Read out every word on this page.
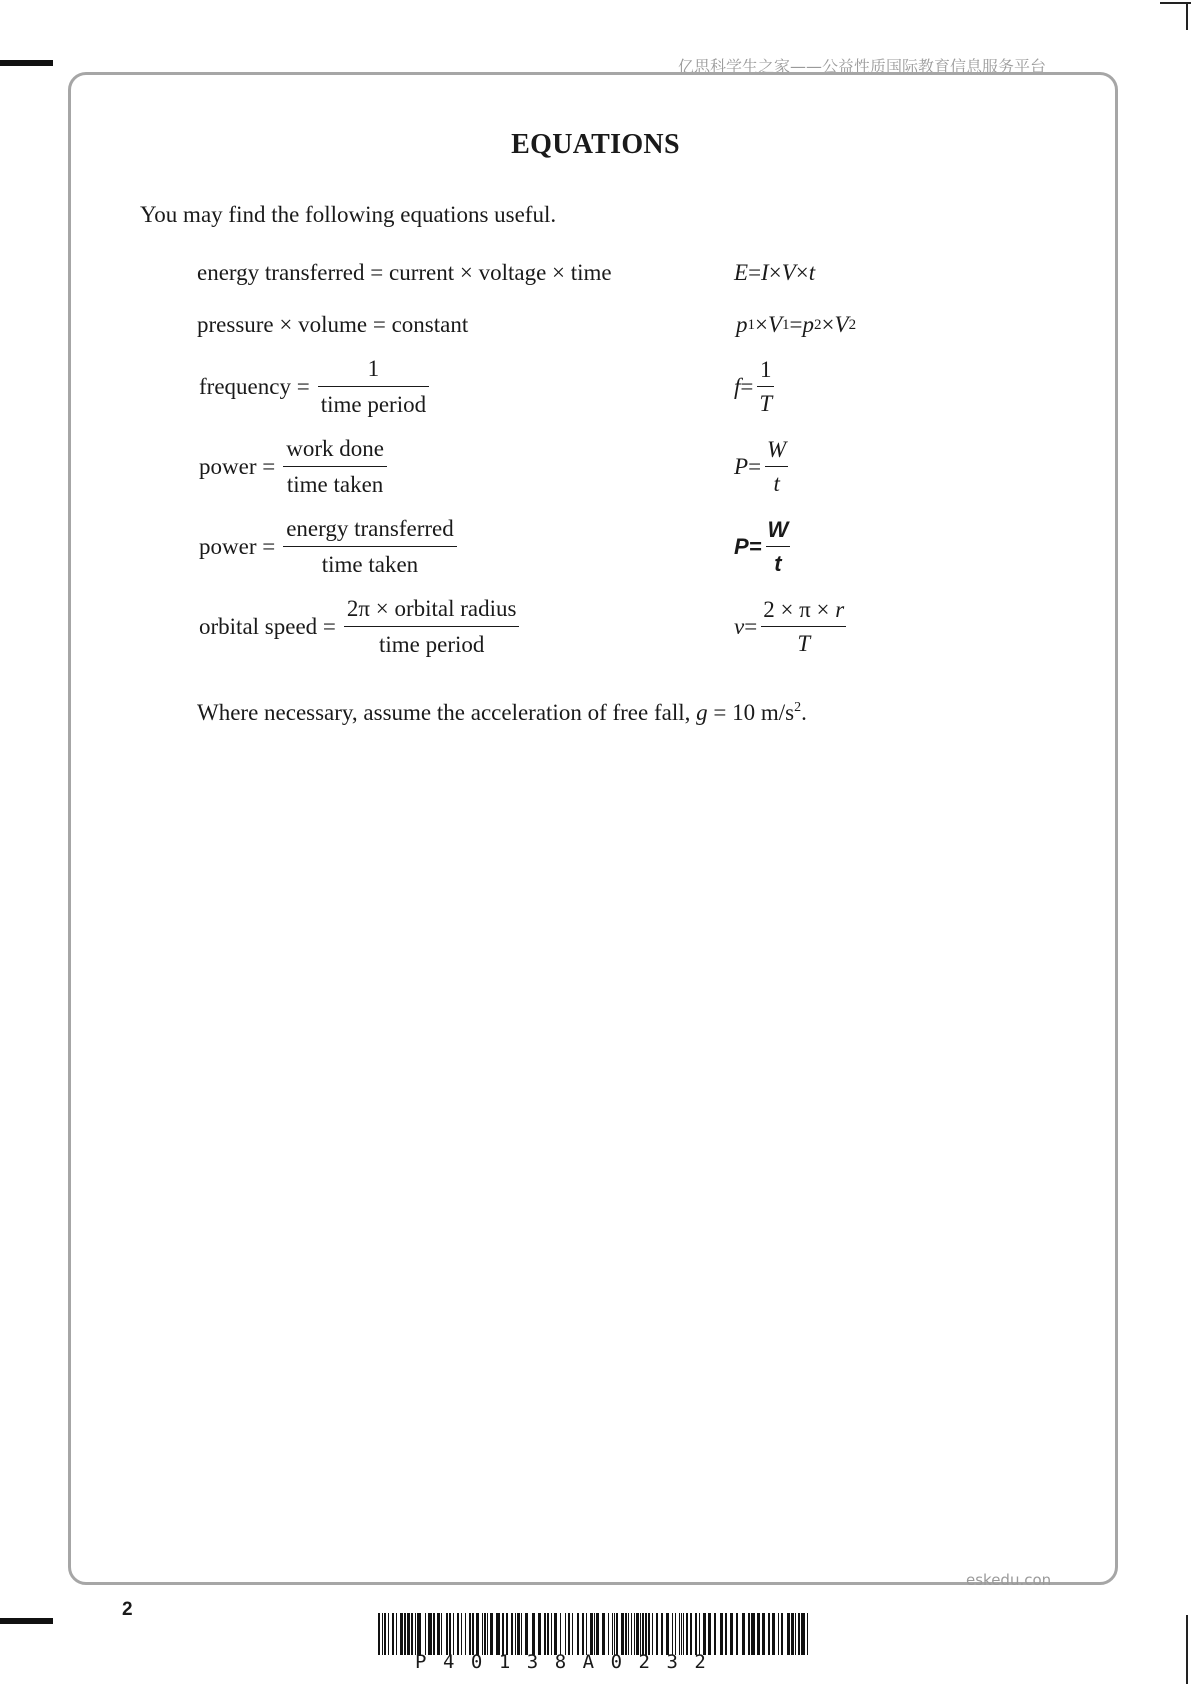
亿思科学生之家——公益性质国际教育信息服务平台
EQUATIONS
You may find the following equations useful.
energy transferred = current × voltage × time	E = I × V × t
pressure × volume = constant	p 1 × V 1 = p 2 × V 2
frequency = $\frac{1}{\text{time period}}$	$f = \frac{1}{T}$
power = $\frac{\text{work done}}{\text{time taken}}$	$P = \frac{W}{t}$
power = $\frac{\text{energy transferred}}{\text{time taken}}$	$P = \frac{W}{t}$
orbital speed = $\frac{\text{2π × orbital radius}}{\text{time period}}$	$v = \frac{2 \times \pi \times r}{T}$
Where necessary, assume the acceleration of free fall, g = 10 $m/s^2$.
eskedu.con
2
P40138A0232
